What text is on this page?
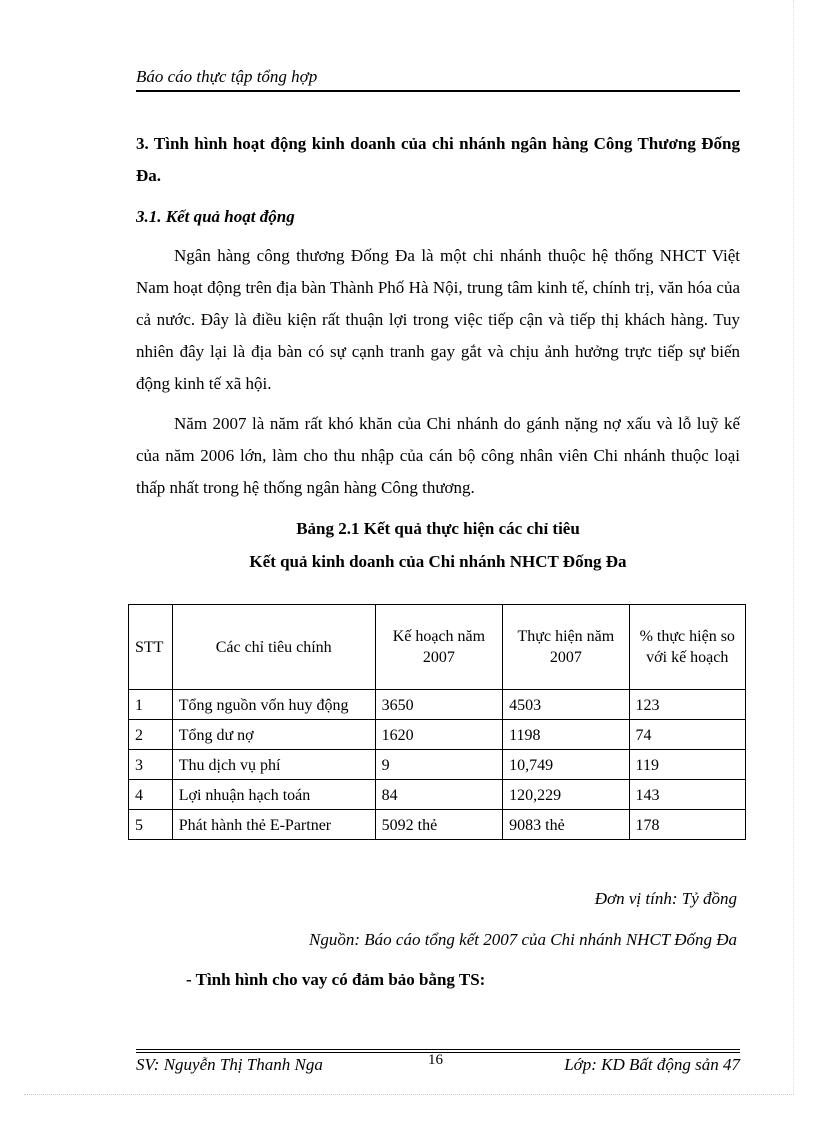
Báo cáo thực tập tổng hợp
3. Tình hình hoạt động kinh doanh của chi nhánh ngân hàng Công Thương Đống Đa.
3.1. Kết quả hoạt động
Ngân hàng công thương Đống Đa là một chi nhánh thuộc hệ thống NHCT Việt Nam hoạt động trên địa bàn Thành Phố Hà Nội, trung tâm kinh tế, chính trị, văn hóa của cả nước. Đây là điều kiện rất thuận lợi trong việc tiếp cận và tiếp thị khách hàng. Tuy nhiên đây lại là địa bàn có sự cạnh tranh gay gắt và chịu ảnh hưởng trực tiếp sự biến động kinh tế xã hội.
Năm 2007 là năm rất khó khăn của Chi nhánh do gánh nặng nợ xấu và lỗ luỹ kế của năm 2006 lớn, làm cho thu nhập của cán bộ công nhân viên Chi nhánh thuộc loại thấp nhất trong hệ thống ngân hàng Công thương.
Bảng 2.1 Kết quả thực hiện các chỉ tiêu
Kết quả kinh doanh của Chi nhánh NHCT Đống Đa
STT	Các chỉ tiêu chính	Kế hoạch năm 2007	Thực hiện năm 2007	% thực hiện so với kế hoạch
1	Tổng nguồn vốn huy động	3650	4503	123
2	Tổng dư nợ	1620	1198	74
3	Thu dịch vụ phí	9	10,749	119
4	Lợi nhuận hạch toán	84	120,229	143
5	Phát hành thẻ E-Partner	5092 thẻ	9083 thẻ	178
Đơn vị tính: Tỷ đồng
Nguồn: Báo cáo tổng kết 2007 của Chi nhánh NHCT Đống Đa
- Tình hình cho vay có đảm bảo bằng TS:
SV: Nguyễn Thị Thanh Nga	16	Lớp: KD Bất động sản 47
